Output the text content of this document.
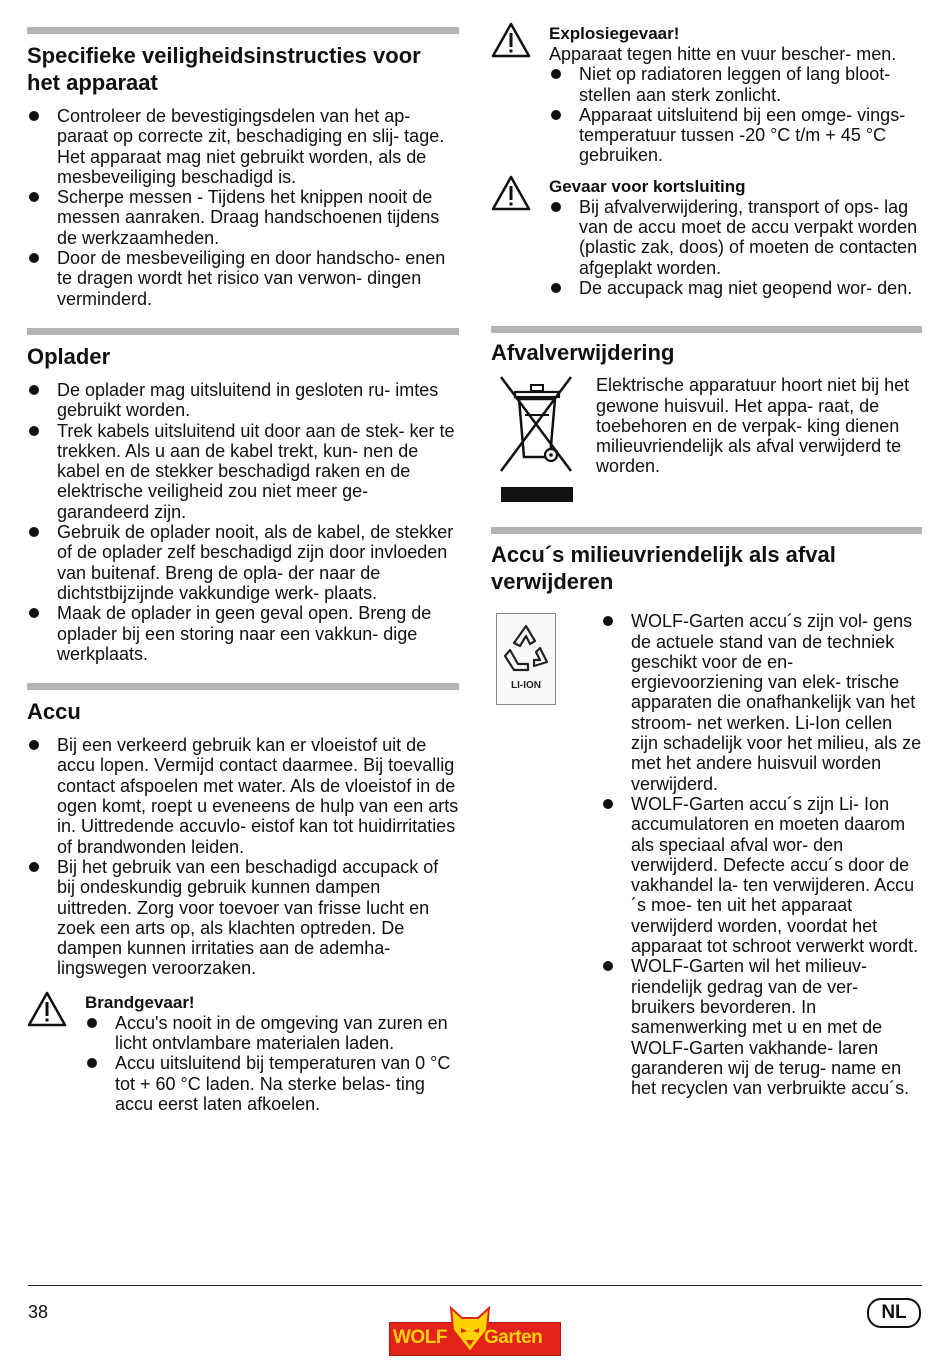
Specifieke veiligheidsinstructies voor het apparaat
Controleer de bevestigingsdelen van het ap- paraat op correcte zit, beschadiging en slij- tage. Het apparaat mag niet gebruikt worden, als de mesbeveiliging beschadigd is.
Scherpe messen - Tijdens het knippen nooit de messen aanraken. Draag handschoenen tijdens de werkzaamheden.
Door de mesbeveiliging en door handscho- enen te dragen wordt het risico van verwon- dingen verminderd.
Oplader
De oplader mag uitsluitend in gesloten ru- imtes gebruikt worden.
Trek kabels uitsluitend uit door aan de stek- ker te trekken. Als u aan de kabel trekt, kun- nen de kabel en de stekker beschadigd raken en de elektrische veiligheid zou niet meer ge- garandeerd zijn.
Gebruik de oplader nooit, als de kabel, de stekker of de oplader zelf beschadigd zijn door invloeden van buitenaf. Breng de opla- der naar de dichtstbijzijnde vakkundige werk- plaats.
Maak de oplader in geen geval open. Breng de oplader bij een storing naar een vakkun- dige werkplaats.
Accu
Bij een verkeerd gebruik kan er vloeistof uit de accu lopen. Vermijd contact daarmee. Bij toevallig contact afspoelen met water. Als de vloeistof in de ogen komt, roept u eveneens de hulp van een arts in. Uittredende accuvlo- eistof kan tot huidirritaties of brandwonden leiden.
Bij het gebruik van een beschadigd accupack of bij ondeskundig gebruik kunnen dampen uittreden. Zorg voor toevoer van frisse lucht en zoek een arts op, als klachten optreden. De dampen kunnen irritaties aan de ademha- lingswegen veroorzaken.
Brandgevaar!
Accu's nooit in de omgeving van zuren en licht ontvlambare materialen laden.
Accu uitsluitend bij temperaturen van 0 °C tot + 60 °C laden. Na sterke belas- ting accu eerst laten afkoelen.
Explosiegevaar!
Apparaat tegen hitte en vuur bescher- men.
Niet op radiatoren leggen of lang bloot- stellen aan sterk zonlicht.
Apparaat uitsluitend bij een omge- vings-temperatuur tussen -20 °C t/m + 45 °C gebruiken.
Gevaar voor kortsluiting
Bij afvalverwijdering, transport of ops- lag van de accu moet de accu verpakt worden (plastic zak, doos) of moeten de contacten afgeplakt worden.
De accupack mag niet geopend wor- den.
Afvalverwijdering
Elektrische apparatuur hoort niet bij het gewone huisvuil. Het appa- raat, de toebehoren en de verpak- king dienen milieuvriendelijk als afval verwijderd te worden.
Accu´s milieuvriendelijk als afval verwijderen
LI-ION
WOLF-Garten accu´s zijn vol- gens de actuele stand van de techniek geschikt voor de en- ergievoorziening van elek- trische apparaten die onafhankelijk van het stroom- net werken. Li-Ion cellen zijn schadelijk voor het milieu, als ze met het andere huisvuil worden verwijderd.
WOLF-Garten accu´s zijn Li- Ion accumulatoren en moeten daarom als speciaal afval wor- den verwijderd. Defecte accu´s door de vakhandel la- ten verwijderen. Accu´s moe- ten uit het apparaat verwijderd worden, voordat het apparaat tot schroot verwerkt wordt.
WOLF-Garten wil het milieuv- riendelijk gedrag van de ver- bruikers bevorderen. In samenwerking met u en met de WOLF-Garten vakhande- laren garanderen wij de terug- name en het recyclen van verbruikte accu´s.
38	NL
WOLF Garten
